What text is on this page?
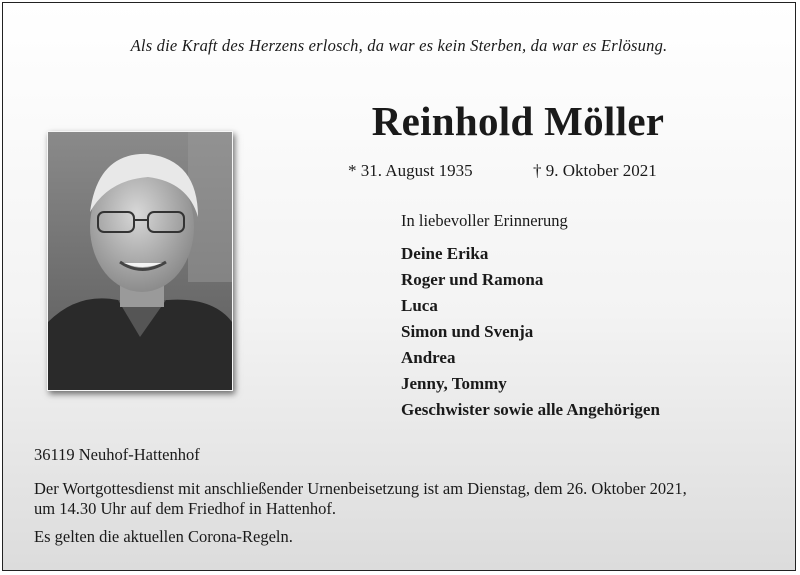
Als die Kraft des Herzens erlosch, da war es kein Sterben, da war es Erlösung.
Reinhold Möller
* 31. August 1935	† 9. Oktober 2021
In liebevoller Erinnerung
Deine Erika
Roger und Ramona
Luca
Simon und Svenja
Andrea
Jenny, Tommy
Geschwister sowie alle Angehörigen
36119 Neuhof-Hattenhof
Der Wortgottesdienst mit anschließender Urnenbeisetzung ist am Dienstag, dem 26. Oktober 2021,
um 14.30 Uhr auf dem Friedhof in Hattenhof.
Es gelten die aktuellen Corona-Regeln.
